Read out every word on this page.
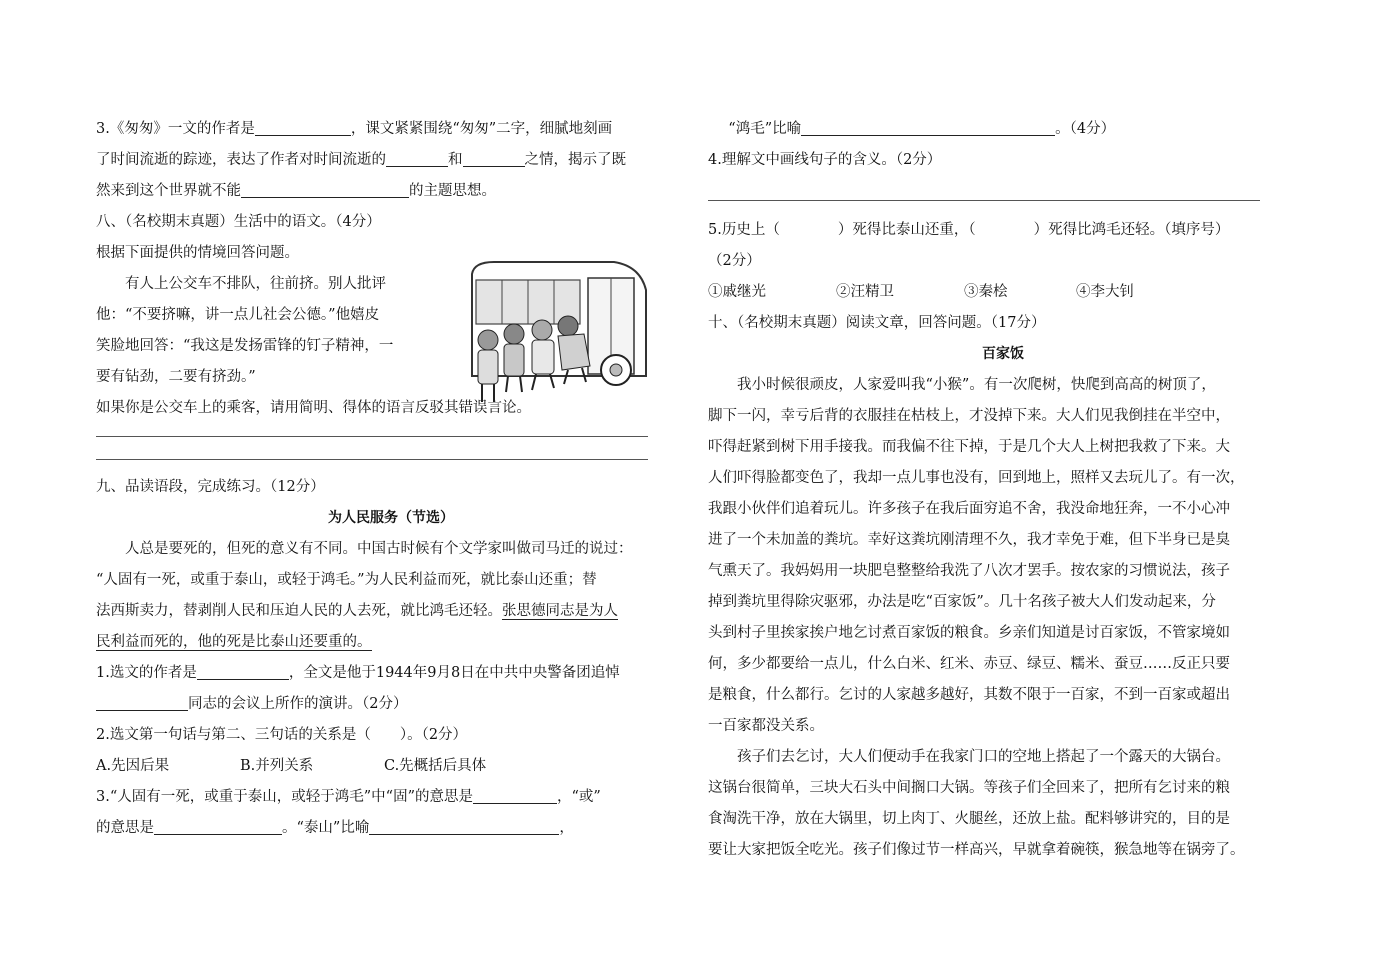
3.《匆匆》一文的作者是	，课文紧紧围绕“匆匆”二字，细腻地刻画
了时间流逝的踪迹，表达了作者对时间流逝的	和	之情，揭示了既
然来到这个世界就不能	的主题思想。
八、（名校期末真题）生活中的语文。（4分）
根据下面提供的情境回答问题。
有人上公交车不排队，往前挤。别人批评
他：“不要挤嘛，讲一点儿社会公德。”他嬉皮
笑脸地回答：“我这是发扬雷锋的钉子精神，一
要有钻劲，二要有挤劲。”
如果你是公交车上的乘客，请用简明、得体的语言反驳其错误言论。
九、品读语段，完成练习。（12分）
为人民服务（节选）
人总是要死的，但死的意义有不同。中国古时候有个文学家叫做司马迁的说过：
“人固有一死，或重于泰山，或轻于鸿毛。”为人民利益而死，就比泰山还重；替
法西斯卖力，替剥削人民和压迫人民的人去死，就比鸿毛还轻。张思德同志是为人
民利益而死的，他的死是比泰山还要重的。
1.选文的作者是	，全文是他于1944年9月8日在中共中央警备团追悼
同志的会议上所作的演讲。（2分）
2.选文第一句话与第二、三句话的关系是（　　）。（2分）
A.先因后果	B.并列关系	C.先概括后具体
3.“人固有一死，或重于泰山，或轻于鸿毛”中“固”的意思是	，“或”
的意思是	。“泰山”比喻	，
“鸿毛”比喻	。（4分）
4.理解文中画线句子的含义。（2分）
5.历史上（　　　　）死得比泰山还重，（　　　　）死得比鸿毛还轻。（填序号）
（2分）
①戚继光	②汪精卫	③秦桧	④李大钊
十、（名校期末真题）阅读文章，回答问题。（17分）
百家饭
我小时候很顽皮，人家爱叫我“小猴”。有一次爬树，快爬到高高的树顶了，
脚下一闪，幸亏后背的衣服挂在枯枝上，才没掉下来。大人们见我倒挂在半空中，
吓得赶紧到树下用手接我。而我偏不往下掉，于是几个大人上树把我救了下来。大
人们吓得脸都变色了，我却一点儿事也没有，回到地上，照样又去玩儿了。有一次，
我跟小伙伴们追着玩儿。许多孩子在我后面穷追不舍，我没命地狂奔，一不小心冲
进了一个未加盖的粪坑。幸好这粪坑刚清理不久，我才幸免于难，但下半身已是臭
气熏天了。我妈妈用一块肥皂整整给我洗了八次才罢手。按农家的习惯说法，孩子
掉到粪坑里得除灾驱邪，办法是吃“百家饭”。几十名孩子被大人们发动起来，分
头到村子里挨家挨户地乞讨煮百家饭的粮食。乡亲们知道是讨百家饭，不管家境如
何，多少都要给一点儿，什么白米、红米、赤豆、绿豆、糯米、蚕豆……反正只要
是粮食，什么都行。乞讨的人家越多越好，其数不限于一百家，不到一百家或超出
一百家都没关系。
孩子们去乞讨，大人们便动手在我家门口的空地上搭起了一个露天的大锅台。
这锅台很简单，三块大石头中间搁口大锅。等孩子们全回来了，把所有乞讨来的粮
食淘洗干净，放在大锅里，切上肉丁、火腿丝，还放上盐。配料够讲究的，目的是
要让大家把饭全吃光。孩子们像过节一样高兴，早就拿着碗筷，猴急地等在锅旁了。
